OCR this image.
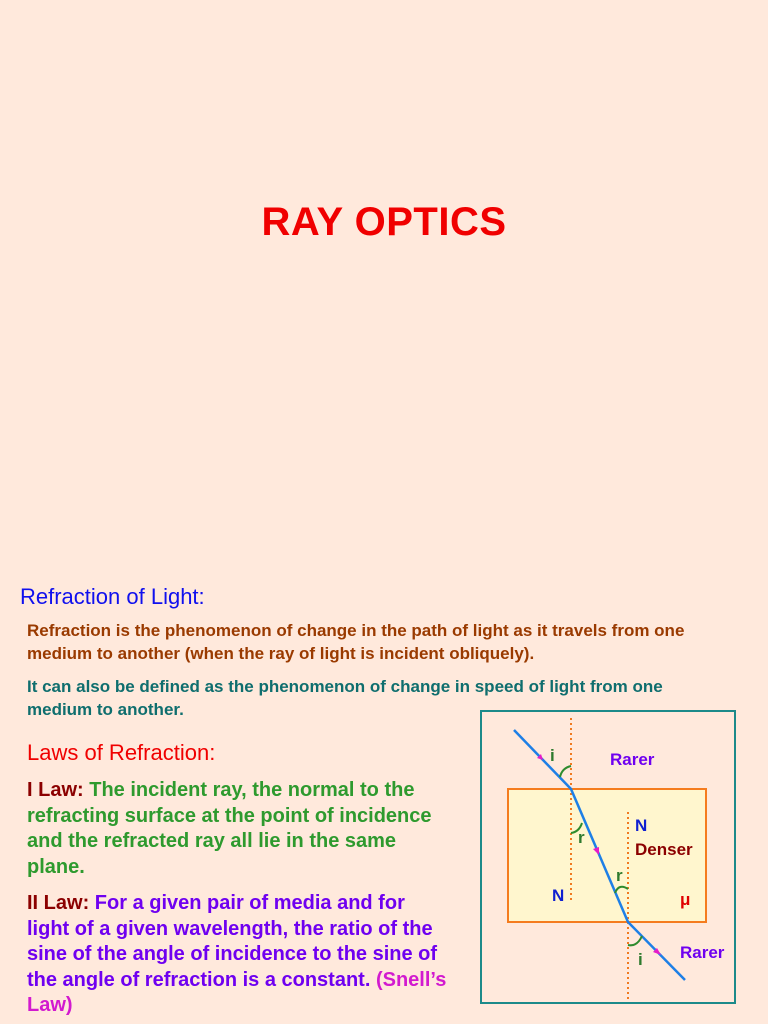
RAY OPTICS
Refraction of Light:
Refraction is the phenomenon of change in the path of light as it travels from one medium to another (when the ray of light is incident obliquely).
It can also be defined as the phenomenon of change in speed of light from one medium to another.
Laws of Refraction:
I Law: The incident ray, the normal to the refracting surface at the point of incidence and the refracted ray all lie in the same plane.
II Law: For a given pair of media and for light of a given wavelength, the ratio of the sine of the angle of incidence to the sine of the angle of refraction is a constant. (Snell’s Law)
i	Rarer
N
r
Denser
r
N	μ
Rarer
i
